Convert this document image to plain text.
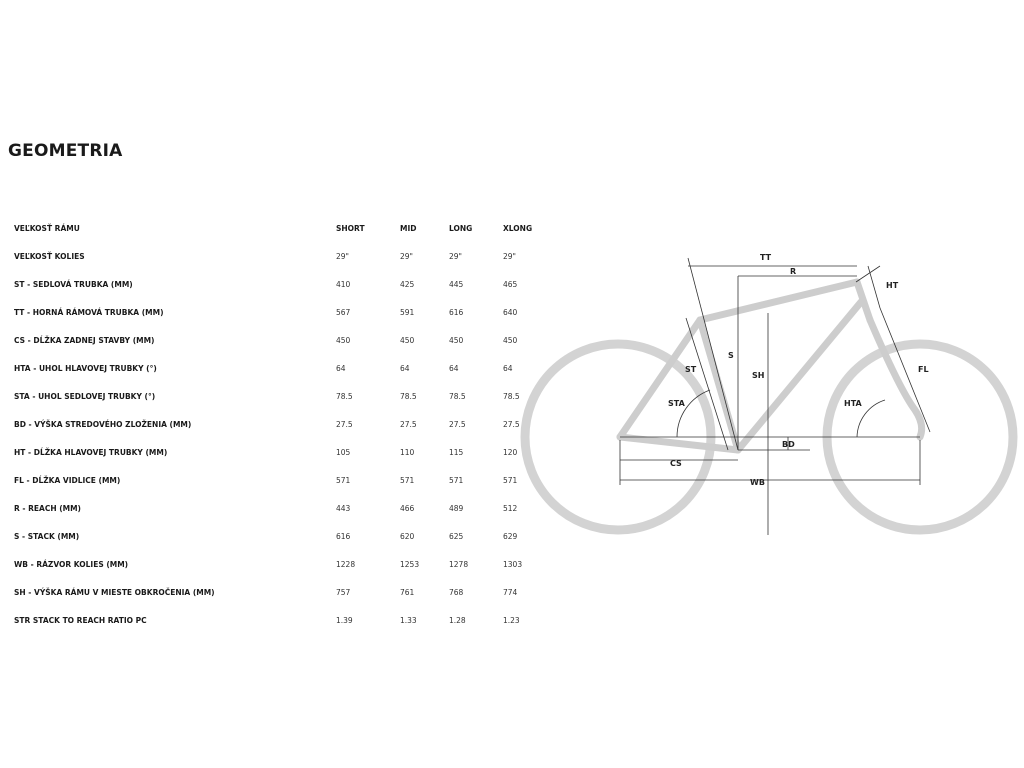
GEOMETRIA
VEĽKOSŤ RÁMU	SHORT	MID	LONG	XLONG
VEĽKOSŤ KOLIES	29"	29"	29"	29"
ST - SEDLOVÁ TRUBKA (MM)	410	425	445	465
TT - HORNÁ RÁMOVÁ TRUBKA (MM)	567	591	616	640
CS - DĹŽKA ZADNEJ STAVBY (MM)	450	450	450	450
HTA - UHOL HLAVOVEJ TRUBKY (°)	64	64	64	64
STA - UHOL SEDLOVEJ TRUBKY (°)	78.5	78.5	78.5	78.5
BD - VÝŠKA STREDOVÉHO ZLOŽENIA (MM)	27.5	27.5	27.5	27.5
HT - DĹŽKA HLAVOVEJ TRUBKY (MM)	105	110	115	120
FL - DĹŽKA VIDLICE (MM)	571	571	571	571
R - REACH (MM)	443	466	489	512
S - STACK (MM)	616	620	625	629
WB - RÁZVOR KOLIES (MM)	1228	1253	1278	1303
SH - VÝŠKA RÁMU V MIESTE OBKROČENIA (MM)	757	761	768	774
STR STACK TO REACH RATIO PC	1.39	1.33	1.28	1.23
TT
R
HT
S
SH
ST
STA
FL
HTA
BD
CS
WB
